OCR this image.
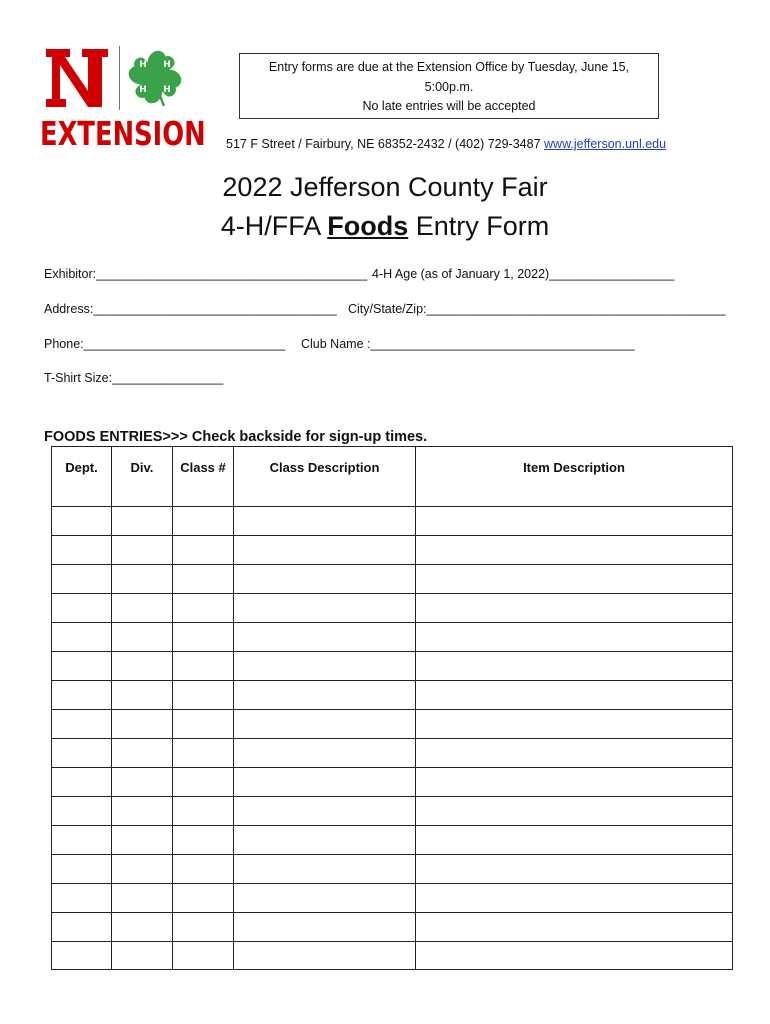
H H
H H
EXTENSION
Entry forms are due at the Extension Office by Tuesday, June 15,
5:00p.m.
No late entries will be accepted
517 F Street / Fairbury, NE 68352-2432 / (402) 729-3487 www.jefferson.unl.edu
2022 Jefferson County Fair
4-H/FFA Foods Entry Form
Exhibitor:_______________________________________ 4-H Age (as of January 1, 2022)__________________
Address:___________________________________ City/State/Zip:___________________________________________
Phone:_____________________________ Club Name :______________________________________
T-Shirt Size:________________
FOODS ENTRIES>>> Check backside for sign-up times.
Dept.	Div.	Class #	Class Description	Item Description
